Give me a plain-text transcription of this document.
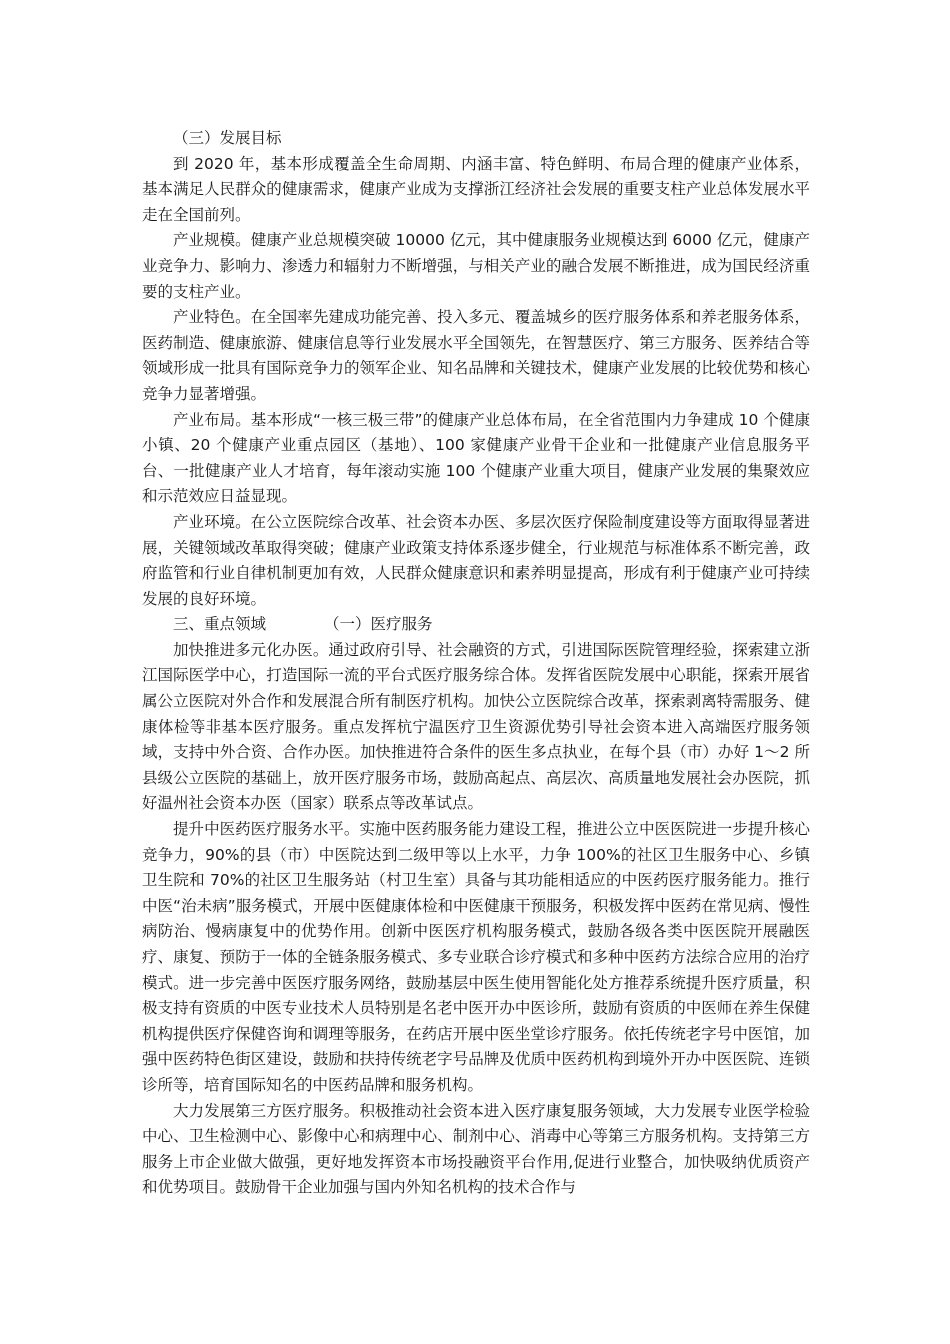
（三）发展目标

到 2020 年，基本形成覆盖全生命周期、内涵丰富、特色鲜明、布局合理的健康产业体系，基本满足人民群众的健康需求，健康产业成为支撑浙江经济社会发展的重要支柱产业总体发展水平走在全国前列。

产业规模。健康产业总规模突破 10000 亿元，其中健康服务业规模达到 6000 亿元，健康产业竞争力、影响力、渗透力和辐射力不断增强，与相关产业的融合发展不断推进，成为国民经济重要的支柱产业。

产业特色。在全国率先建成功能完善、投入多元、覆盖城乡的医疗服务体系和养老服务体系，医药制造、健康旅游、健康信息等行业发展水平全国领先，在智慧医疗、第三方服务、医养结合等领域形成一批具有国际竞争力的领军企业、知名品牌和关键技术，健康产业发展的比较优势和核心竞争力显著增强。

产业布局。基本形成“一核三极三带”的健康产业总体布局，在全省范围内力争建成 10 个健康小镇、20 个健康产业重点园区（基地）、100 家健康产业骨干企业和一批健康产业信息服务平台、一批健康产业人才培育，每年滚动实施 100 个健康产业重大项目，健康产业发展的集聚效应和示范效应日益显现。

产业环境。在公立医院综合改革、社会资本办医、多层次医疗保险制度建设等方面取得显著进展，关键领域改革取得突破；健康产业政策支持体系逐步健全，行业规范与标准体系不断完善，政府监管和行业自律机制更加有效，人民群众健康意识和素养明显提高，形成有利于健康产业可持续发展的良好环境。

三、重点领域	（一）医疗服务

加快推进多元化办医。通过政府引导、社会融资的方式，引进国际医院管理经验，探索建立浙江国际医学中心，打造国际一流的平台式医疗服务综合体。发挥省医院发展中心职能，探索开展省属公立医院对外合作和发展混合所有制医疗机构。加快公立医院综合改革，探索剥离特需服务、健康体检等非基本医疗服务。重点发挥杭宁温医疗卫生资源优势引导社会资本进入高端医疗服务领域，支持中外合资、合作办医。加快推进符合条件的医生多点执业，在每个县（市）办好 1～2 所县级公立医院的基础上，放开医疗服务市场，鼓励高起点、高层次、高质量地发展社会办医院，抓好温州社会资本办医（国家）联系点等改革试点。

提升中医药医疗服务水平。实施中医药服务能力建设工程，推进公立中医医院进一步提升核心竞争力，90%的县（市）中医院达到二级甲等以上水平，力争 100%的社区卫生服务中心、乡镇卫生院和 70%的社区卫生服务站（村卫生室）具备与其功能相适应的中医药医疗服务能力。推行中医“治未病”服务模式，开展中医健康体检和中医健康干预服务，积极发挥中医药在常见病、慢性病防治、慢病康复中的优势作用。创新中医医疗机构服务模式，鼓励各级各类中医医院开展融医疗、康复、预防于一体的全链条服务模式、多专业联合诊疗模式和多种中医药方法综合应用的治疗模式。进一步完善中医医疗服务网络，鼓励基层中医生使用智能化处方推荐系统提升医疗质量，积极支持有资质的中医专业技术人员特别是名老中医开办中医诊所，鼓励有资质的中医师在养生保健机构提供医疗保健咨询和调理等服务，在药店开展中医坐堂诊疗服务。依托传统老字号中医馆，加强中医药特色街区建设，鼓励和扶持传统老字号品牌及优质中医药机构到境外开办中医医院、连锁诊所等，培育国际知名的中医药品牌和服务机构。

大力发展第三方医疗服务。积极推动社会资本进入医疗康复服务领域，大力发展专业医学检验中心、卫生检测中心、影像中心和病理中心、制剂中心、消毒中心等第三方服务机构。支持第三方服务上市企业做大做强，更好地发挥资本市场投融资平台作用,促进行业整合，加快吸纳优质资产和优势项目。鼓励骨干企业加强与国内外知名机构的技术合作与
